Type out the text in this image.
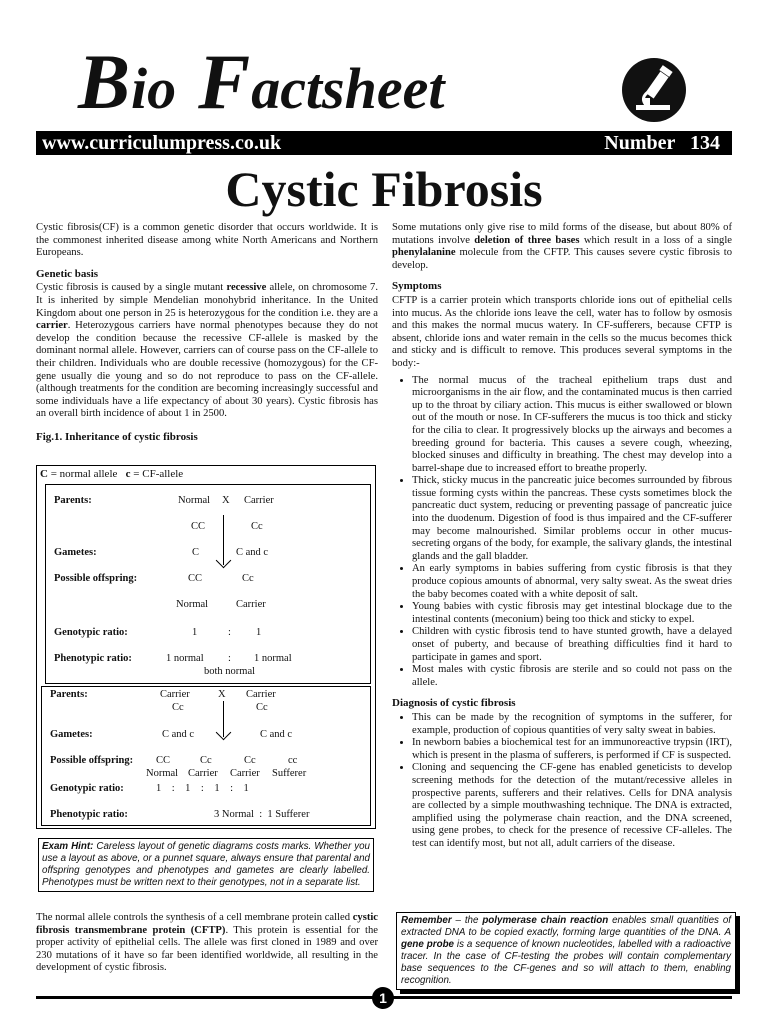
Bio Factsheet
www.curriculumpress.co.uk	Number   134
Cystic Fibrosis

Cystic fibrosis(CF) is a common genetic disorder that occurs worldwide. It is the commonest inherited disease among white North Americans and Northern Europeans.

Genetic basis

Cystic fibrosis is caused by a single mutant recessive allele, on chromosome 7. It is inherited by simple Mendelian monohybrid inheritance. In the United Kingdom about one person in 25 is heterozygous for the condition i.e. they are a carrier. Heterozygous carriers have normal phenotypes because they do not develop the condition because the recessive CF-allele is masked by the dominant normal allele. However, carriers can of course pass on the CF-allele to their children. Individuals who are double recessive (homozygous) for the CF-gene usually die young and so do not reproduce to pass on the CF-allele. (although treatments for the condition are becoming increasingly successful and some individuals have a life expectancy of about 30 years). Cystic fibrosis has an overall birth incidence of about 1 in 2500.

Fig.1. Inheritance of cystic fibrosis
C = normal allele   c = CF-allele
Parents:	Normal X Carrier
CC	Cc
Gametes:	C	C and c
Possible offspring:	CC	Cc
Normal	Carrier
Genotypic ratio:	1	: 1
Phenotypic ratio:	1 normal : 1 normal
both normal
Parents:	Carrier	X Carrier
Cc	Cc
Gametes:	C and c	C and c
Possible offspring: CC	Cc	Cc	cc
Normal Carrier Carrier Sufferer
Genotypic ratio:	1    :    1    :    1    :    1
Phenotypic ratio:	3 Normal  :  1 Sufferer
Exam Hint: Careless layout of genetic diagrams costs marks. Whether you use a layout as above, or a punnet square, always ensure that parental and offspring genotypes and phenotypes and gametes are clearly labelled. Phenotypes must be written next to their genotypes, not in a separate list.
The normal allele controls the synthesis of a cell membrane protein called cystic fibrosis transmembrane protein (CFTP). This protein is essential for the proper activity of epithelial cells. The allele was first cloned in 1989 and over 230 mutations of it have so far been identified worldwide, all resulting in the development of cystic fibrosis.

Some mutations only give rise to mild forms of the disease, but about 80% of mutations involve deletion of three bases which result in a loss of a single phenylalanine molecule from the CFTP. This causes severe cystic fibrosis to develop.

Symptoms

CFTP is a carrier protein which transports chloride ions out of epithelial cells into mucus. As the chloride ions leave the cell, water has to follow by osmosis and this makes the normal mucus watery. In CF-sufferers, because CFTP is absent, chloride ions and water remain in the cells so the mucus becomes thick and sticky and is difficult to remove. This produces several symptoms in the body:-

• The normal mucus of the tracheal epithelium traps dust and microorganisms in the air flow, and the contaminated mucus is then carried up to the throat by ciliary action. This mucus is either swallowed or blown out of the mouth or nose. In CF-sufferers the mucus is too thick and sticky for the cilia to clear. It progressively blocks up the airways and becomes a breeding ground for bacteria. This causes a severe cough, wheezing, blocked sinuses and difficulty in breathing. The chest may develop into a barrel-shape due to increased effort to breathe properly.
• Thick, sticky mucus in the pancreatic juice becomes surrounded by fibrous tissue forming cysts within the pancreas. These cysts sometimes block the pancreatic duct system, reducing or preventing passage of pancreatic juice into the duodenum. Digestion of food is thus impaired and the CF-sufferer may become malnourished. Similar problems occur in other mucus-secreting organs of the body, for example, the salivary glands, the intestinal glands and the gall bladder.
• An early symptoms in babies suffering from cystic fibrosis is that they produce copious amounts of abnormal, very salty sweat. As the sweat dries the baby becomes coated with a white deposit of salt.
• Young babies with cystic fibrosis may get intestinal blockage due to the intestinal contents (meconium) being too thick and sticky to expel.
• Children with cystic fibrosis tend to have stunted growth, have a delayed onset of puberty, and because of breathing difficulties find it hard to participate in games and sport.
• Most males with cystic fibrosis are sterile and so could not pass on the allele.
Diagnosis of cystic fibrosis
• This can be made by the recognition of symptoms in the sufferer, for example, production of copious quantities of very salty sweat in babies.
• In newborn babies a biochemical test for an immunoreactive trypsin (IRT), which is present in the plasma of sufferers, is performed if CF is suspected.
• Cloning and sequencing the CF-gene has enabled geneticists to develop screening methods for the detection of the mutant/recessive alleles in prospective parents, sufferers and their relatives. Cells for DNA analysis are collected by a simple mouthwashing technique. The DNA is extracted, amplified using the polymerase chain reaction, and the DNA screened, using gene probes, to check for the presence of recessive CF-alleles. The test can identify most, but not all, adult carriers of the disease.
Remember – the polymerase chain reaction enables small quantities of extracted DNA to be copied exactly, forming large quantities of the DNA. A gene probe is a sequence of known nucleotides, labelled with a radioactive tracer. In the case of CF-testing the probes will contain complementary base sequences to the CF-genes and so will attach to them, enabling recognition.
1
